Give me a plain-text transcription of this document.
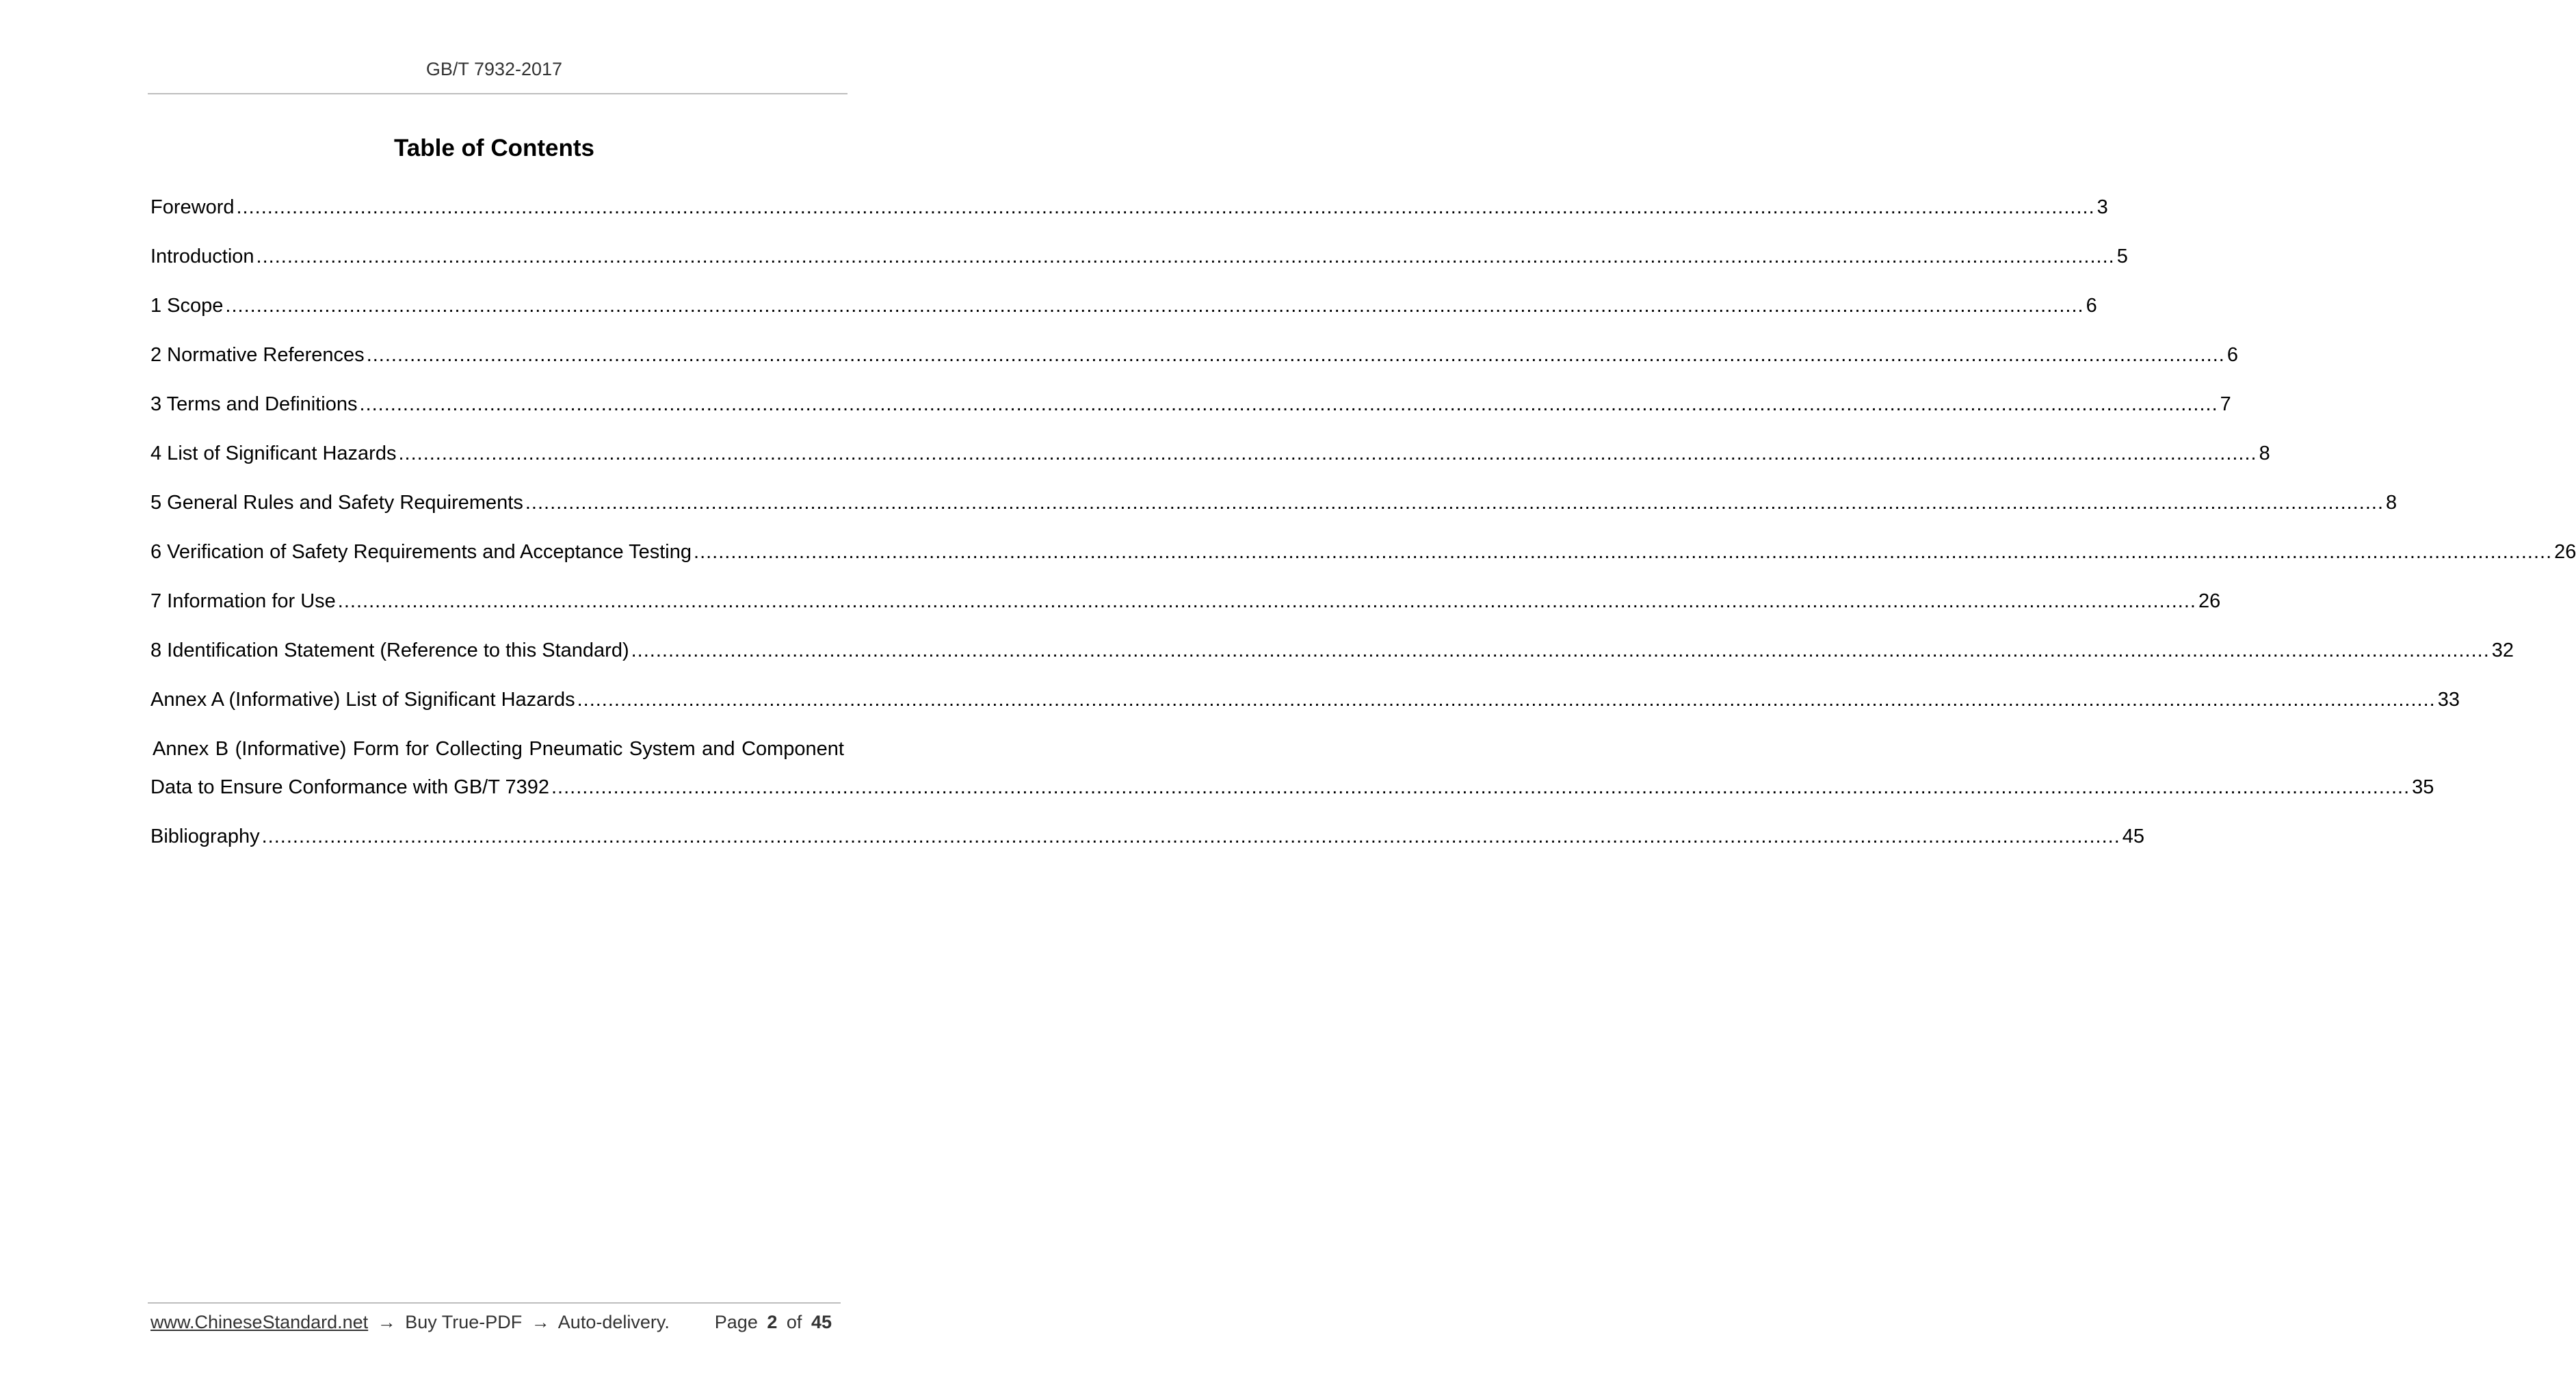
GB/T 7932-2017
Table of Contents
Foreword ............................................................................................................................................................................................................................................................................................................ 3
Introduction ............................................................................................................................................................................................................................................................................................................ 5
1 Scope ............................................................................................................................................................................................................................................................................................................ 6
2 Normative References ............................................................................................................................................................................................................................................................................................................ 6
3 Terms and Definitions ............................................................................................................................................................................................................................................................................................................ 7
4 List of Significant Hazards ............................................................................................................................................................................................................................................................................................................ 8
5 General Rules and Safety Requirements ............................................................................................................................................................................................................................................................................................................ 8
6 Verification of Safety Requirements and Acceptance Testing ............................................................................................................................................................................................................................................................................................................ 26
7 Information for Use ............................................................................................................................................................................................................................................................................................................ 26
8 Identification Statement (Reference to this Standard) ............................................................................................................................................................................................................................................................................................................ 32
Annex A (Informative) List of Significant Hazards ............................................................................................................................................................................................................................................................................................................ 33
Annex B (Informative) Form for Collecting Pneumatic System and Component
Data to Ensure Conformance with GB/T 7392 ............................................................................................................................................................................................................................................................................................................ 35
Bibliography ............................................................................................................................................................................................................................................................................................................ 45
www.ChineseStandard.net → Buy True-PDF → Auto-delivery. Page 2 of 45
